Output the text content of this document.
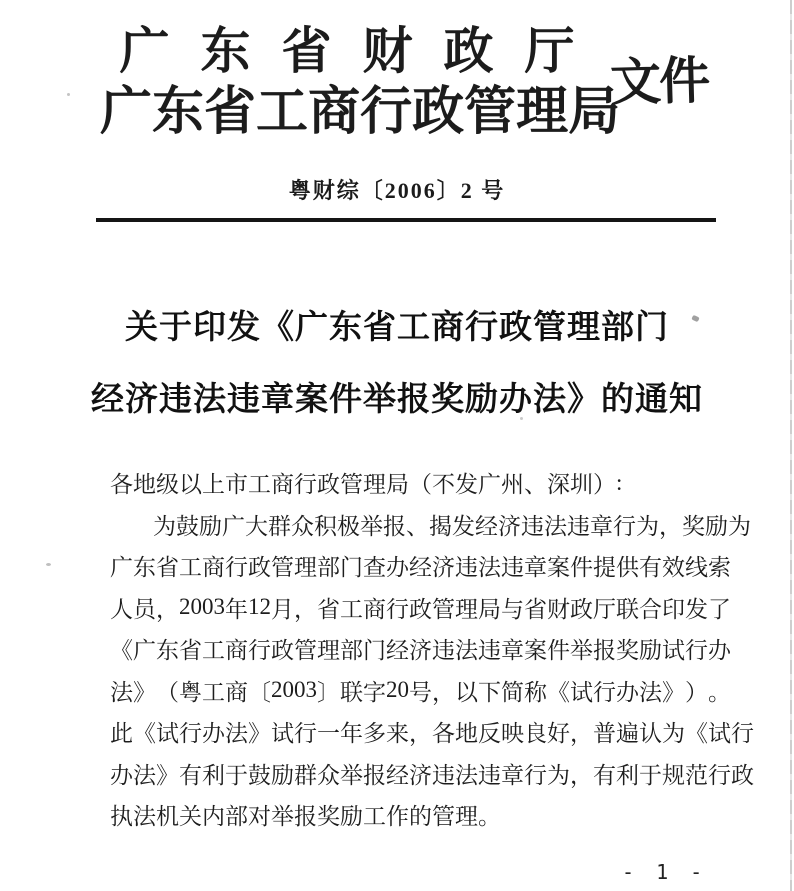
广 东 省 财 政 厅
广 东 省 工 商 行 政 管 理 局
文件
粤财综〔2006〕2 号
关于印发《广东省工商行政管理部门
经济违法违章案件举报奖励办法》的通知
各 地 级 以 上 市 工 商 行 政 管 理 局 （ 不 发 广 州 、 深 圳 ） :
为 鼓 励 广 大 群 众 积 极 举 报 、 揭 发 经 济 违 法 违 章 行 为 ， 奖 励 为
广 东 省 工 商 行 政 管 理 部 门 查 办 经 济 违 法 违 章 案 件 提 供 有 效 线 索
人 员 ， 2 0 0 3 年 1 2 月 ， 省 工 商 行 政 管 理 局 与 省 财 政 厅 联 合 印 发 了
《 广 东 省 工 商 行 政 管 理 部 门 经 济 违 法 违 章 案 件 举 报 奖 励 试 行 办
法 》 （ 粤 工 商 〔 2 0 0 3 〕 联 字 2 0 号 ， 以 下 简 称 《 试 行 办 法 》 ） 。
此 《 试 行 办 法 》 试 行 一 年 多 来 ， 各 地 反 映 良 好 ， 普 遍 认 为 《 试 行
办 法 》 有 利 于 鼓 励 群 众 举 报 经 济 违 法 违 章 行 为 ， 有 利 于 规 范 行 政
执 法 机 关 内 部 对 举 报 奖 励 工 作 的 管 理 。
- 1 -
